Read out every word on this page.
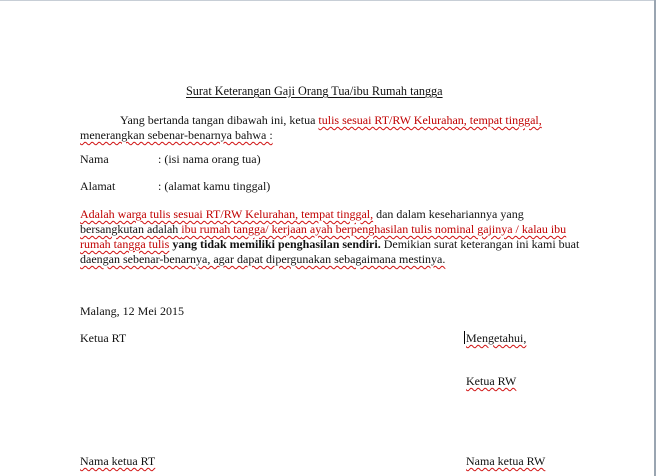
Surat Keterangan Gaji Orang Tua/ibu Rumah tangga
Yang bertanda tangan dibawah ini, ketua tulis sesuai RT/RW Kelurahan, tempat tinggal,
menerangkan sebenar-benarnya bahwa :
Nama	: (isi nama orang tua)
Alamat	: (alamat kamu tinggal)
Adalah warga tulis sesuai RT/RW Kelurahan, tempat tinggal, dan dalam kesehariannya yang
bersangkutan adalah ibu rumah tangga/ kerjaan ayah berpenghasilan tulis nominal gajinya / kalau ibu
rumah tangga tulis yang tidak memiliki penghasilan sendiri. Demikian surat keterangan ini kami buat
daengan sebenar-benarnya, agar dapat dipergunakan sebagaimana mestinya.
Malang, 12 Mei 2015
Ketua RT	Mengetahui,
Ketua RW
Nama ketua RT	Nama ketua RW
